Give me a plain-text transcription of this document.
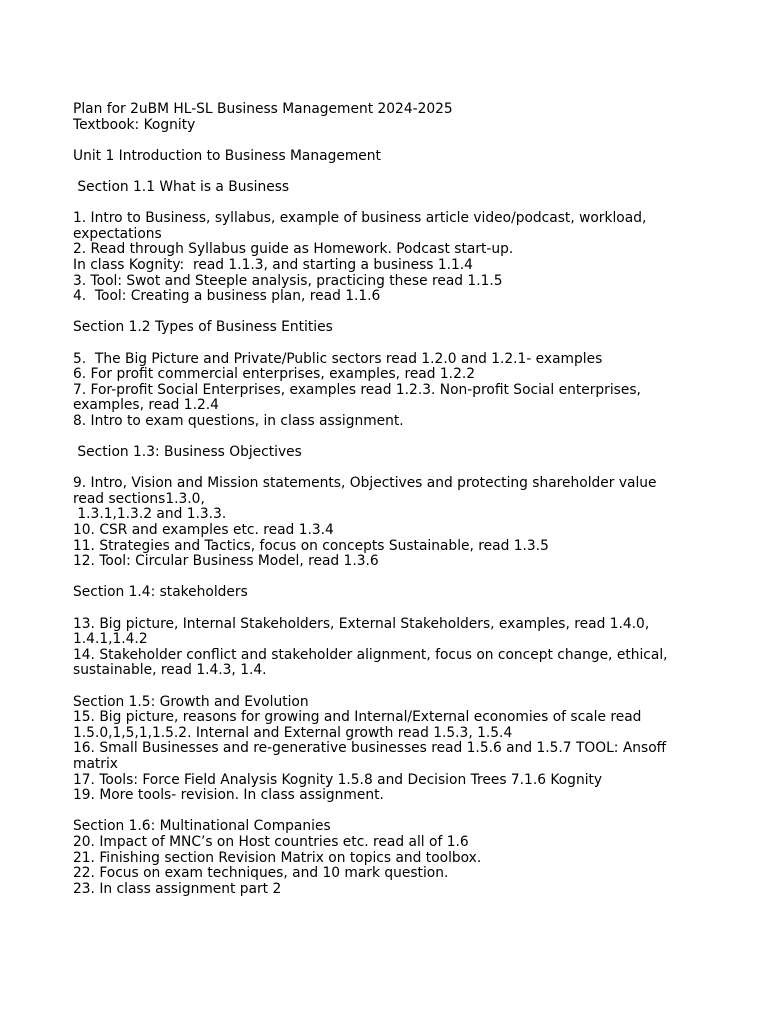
Plan for 2uBM HL-SL Business Management 2024-2025
Textbook: Kognity
Unit 1 Introduction to Business Management
Section 1.1 What is a Business
1. Intro to Business, syllabus, example of business article video/podcast, workload,
expectations
2. Read through Syllabus guide as Homework. Podcast start-up.
In class Kognity:  read 1.1.3, and starting a business 1.1.4
3. Tool: Swot and Steeple analysis, practicing these read 1.1.5
4.  Tool: Creating a business plan, read 1.1.6
Section 1.2 Types of Business Entities
5.  The Big Picture and Private/Public sectors read 1.2.0 and 1.2.1- examples
6. For profit commercial enterprises, examples, read 1.2.2
7. For-profit Social Enterprises, examples read 1.2.3. Non-profit Social enterprises,
examples, read 1.2.4
8. Intro to exam questions, in class assignment.
Section 1.3: Business Objectives
9. Intro, Vision and Mission statements, Objectives and protecting shareholder value
read sections1.3.0,
1.3.1,1.3.2 and 1.3.3.
10. CSR and examples etc. read 1.3.4
11. Strategies and Tactics, focus on concepts Sustainable, read 1.3.5
12. Tool: Circular Business Model, read 1.3.6
Section 1.4: stakeholders
13. Big picture, Internal Stakeholders, External Stakeholders, examples, read 1.4.0,
1.4.1,1.4.2
14. Stakeholder conflict and stakeholder alignment, focus on concept change, ethical,
sustainable, read 1.4.3, 1.4.
Section 1.5: Growth and Evolution
15. Big picture, reasons for growing and Internal/External economies of scale read
1.5.0,1,5,1,1.5.2. Internal and External growth read 1.5.3, 1.5.4
16. Small Businesses and re-generative businesses read 1.5.6 and 1.5.7 TOOL: Ansoff
matrix
17. Tools: Force Field Analysis Kognity 1.5.8 and Decision Trees 7.1.6 Kognity
19. More tools- revision. In class assignment.
Section 1.6: Multinational Companies
20. Impact of MNC’s on Host countries etc. read all of 1.6
21. Finishing section Revision Matrix on topics and toolbox.
22. Focus on exam techniques, and 10 mark question.
23. In class assignment part 2
